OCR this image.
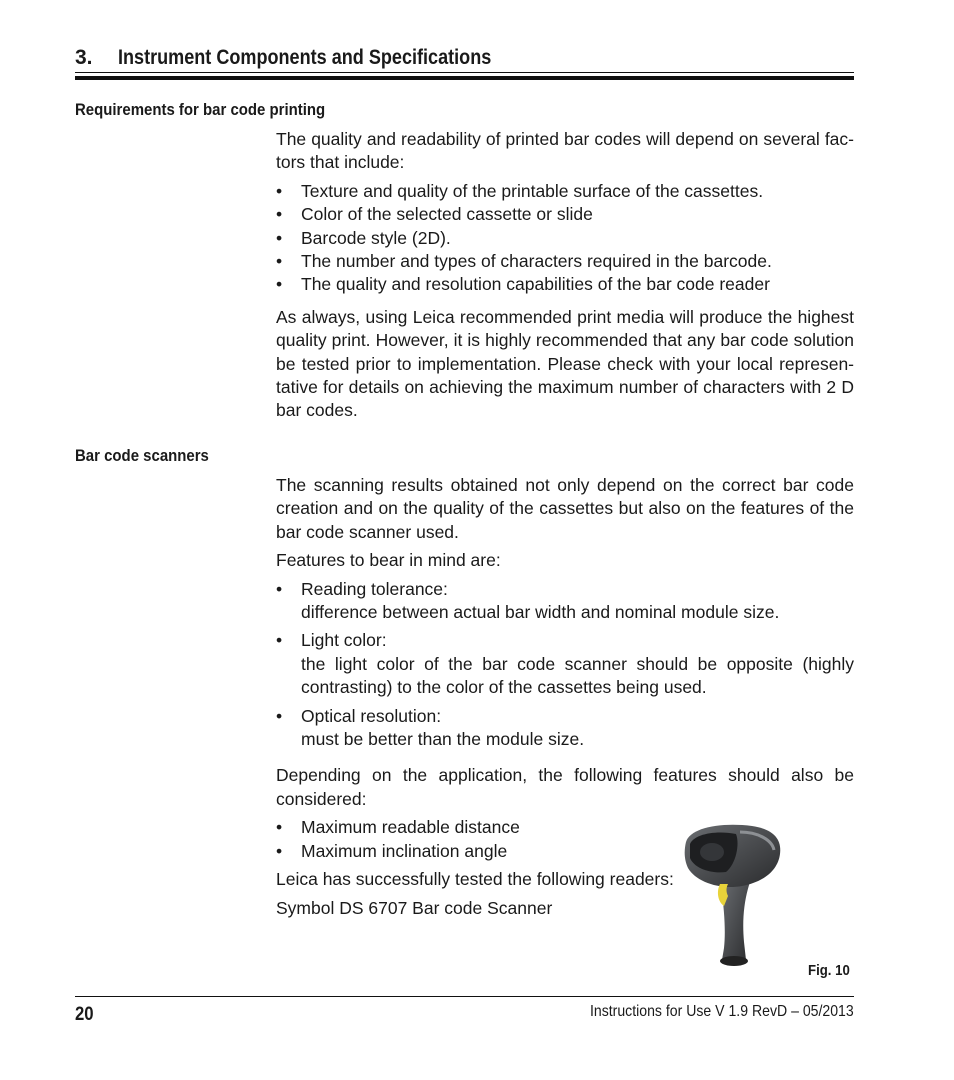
3. Instrument Components and Specifications
Requirements for bar code printing

The quality and readability of printed bar codes will depend on several fac-tors that include:

• Texture and quality of the printable surface of the cassettes.
• Color of the selected cassette or slide
• Barcode style (2D).
• The number and types of characters required in the barcode.
• The quality and resolution capabilities of the bar code reader

As always, using Leica recommended print media will produce the highest quality print. However, it is highly recommended that any bar code solution be tested prior to implementation. Please check with your local represen-tative for details on achieving the maximum number of characters with 2 D bar codes.

Bar code scanners

The scanning results obtained not only depend on the correct bar code creation and on the quality of the cassettes but also on the features of the bar code scanner used.

Features to bear in mind are:

• Reading tolerance:
difference between actual bar width and nominal module size.
• Light color:
the light color of the bar code scanner should be opposite (highly contrasting) to the color of the cassettes being used.
• Optical resolution:
must be better than the module size.

Depending on the application, the following features should also be considered:

• Maximum readable distance
• Maximum inclination angle

Leica has successfully tested the following readers:

Symbol DS 6707 Bar code Scanner

Fig. 10
20	Instructions for Use V 1.9 RevD – 05/2013
